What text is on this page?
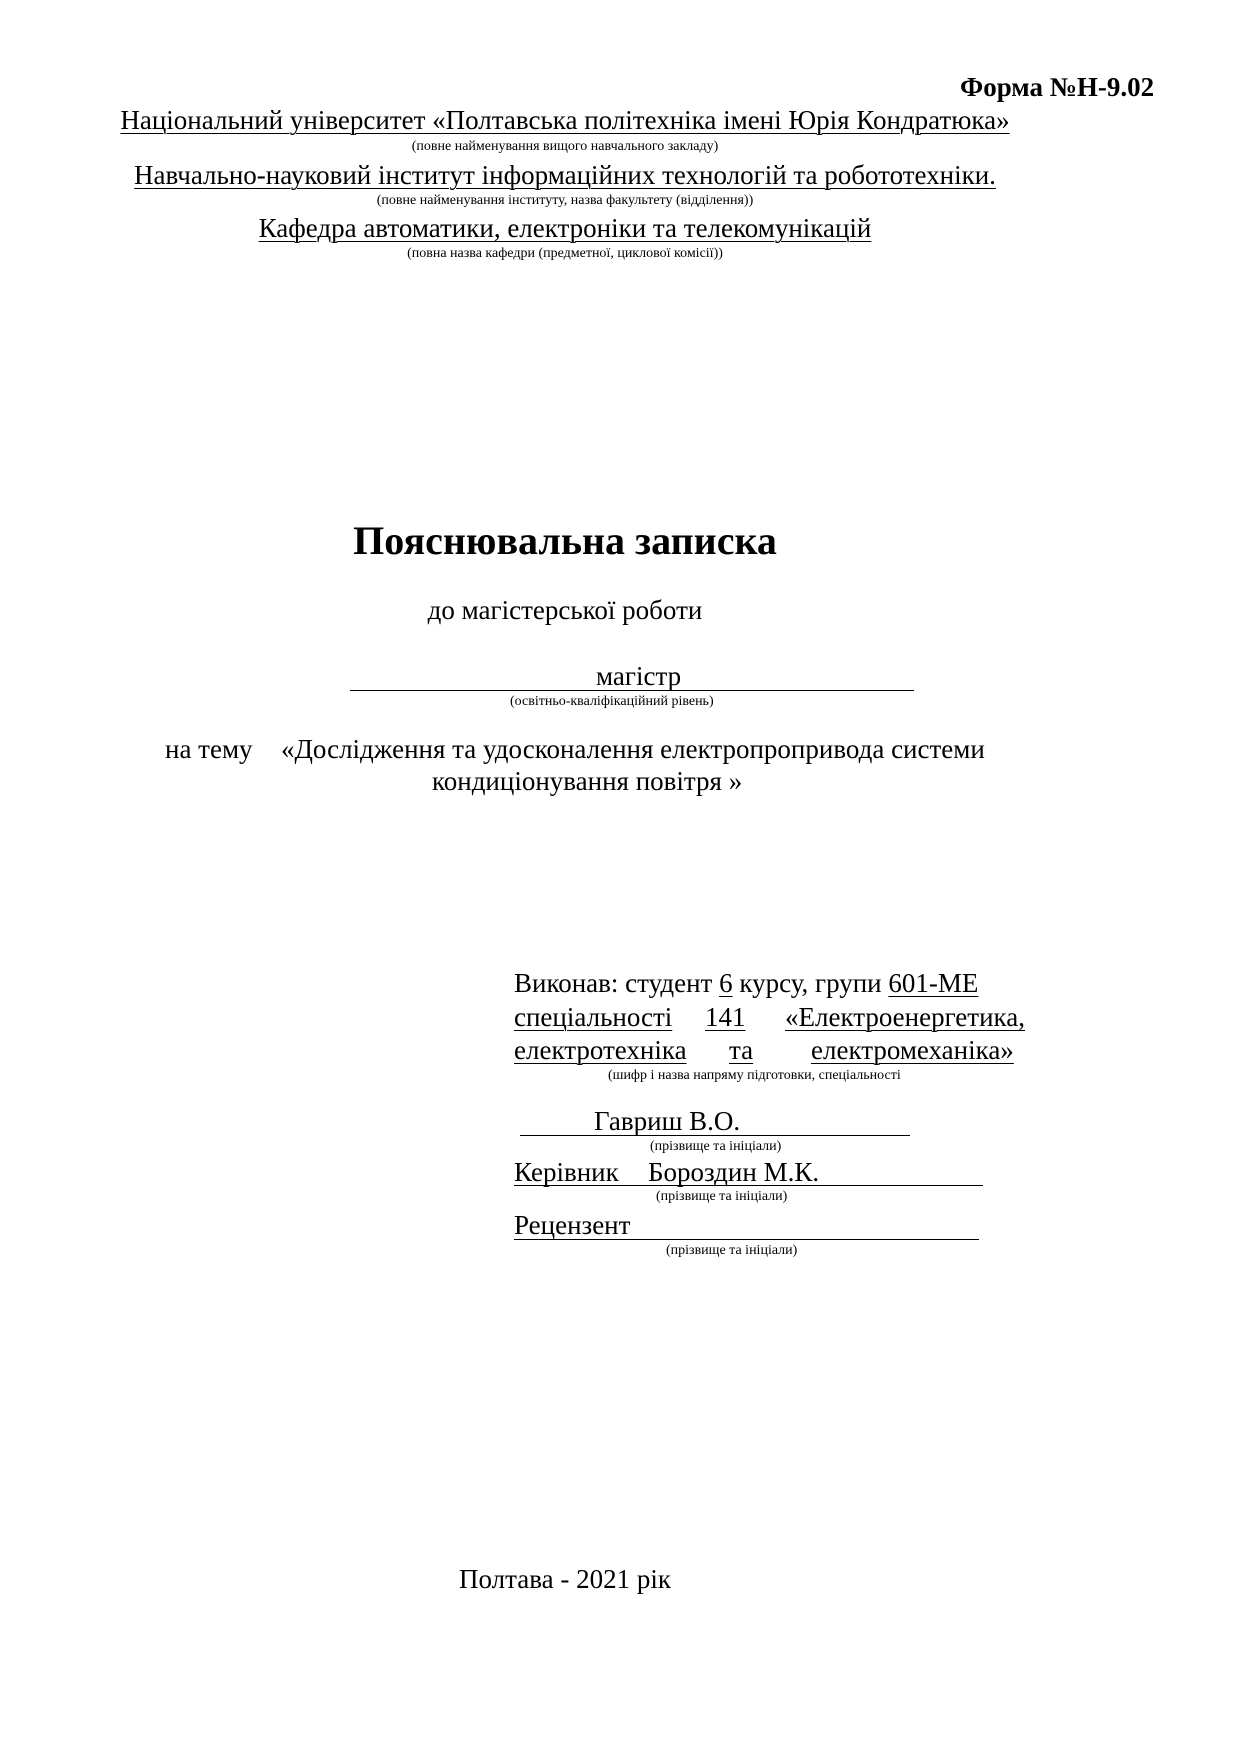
Форма №Н-9.02
Національний університет «Полтавська політехніка імені Юрія Кондратюка»
(повне найменування вищого навчального закладу)
Навчально-науковий інститут інформаційних технологій та робототехніки.
(повне найменування інституту, назва факультету (відділення))
Кафедра автоматики, електроніки та телекомунікацій
(повна назва кафедри (предметної, циклової комісії))
Пояснювальна записка
до магістерської роботи
магістр
(освітньо-кваліфікаційний рівень)
на тему «Дослідження та удосконалення електропропривода системи
кондиціонування повітря »
Виконав: студент 6 курсу, групи 601-МЕ
спеціальності 141 «Електроенергетика,
електротехніка та електромеханіка»
(шифр і назва напряму підготовки, спеціальності
Гавриш В.О.
(прізвище та ініціали)
Керівник Бороздин М.К.
(прізвище та ініціали)
Рецензент
(прізвище та ініціали)
Полтава - 2021 рік
